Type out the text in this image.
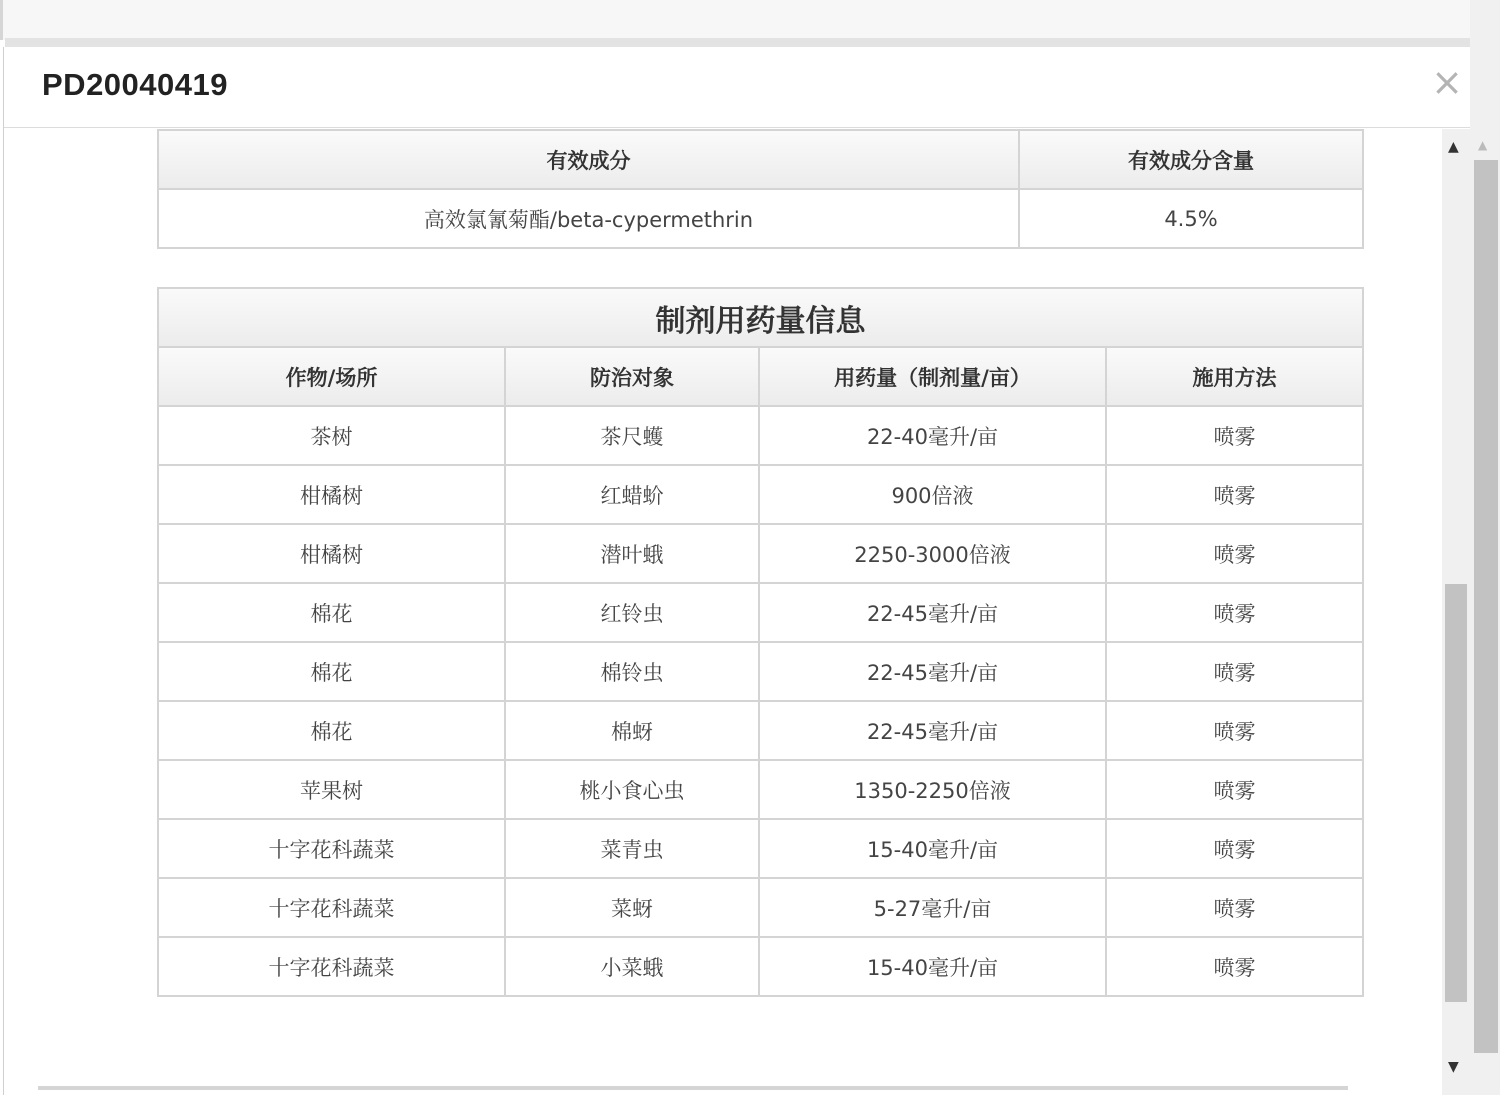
PD20040419	×
有效成分	有效成分含量
高效氯氰菊酯/beta-cypermethrin	4.5%
制剂用药量信息			
作物/场所	防治对象	用药量（制剂量/亩）	施用方法
茶树	茶尺蠖	22-40毫升/亩	喷雾
柑橘树	红蜡蚧	900倍液	喷雾
柑橘树	潜叶蛾	2250-3000倍液	喷雾
棉花	红铃虫	22-45毫升/亩	喷雾
棉花	棉铃虫	22-45毫升/亩	喷雾
棉花	棉蚜	22-45毫升/亩	喷雾
苹果树	桃小食心虫	1350-2250倍液	喷雾
十字花科蔬菜	菜青虫	15-40毫升/亩	喷雾
十字花科蔬菜	菜蚜	5-27毫升/亩	喷雾
十字花科蔬菜	小菜蛾	15-40毫升/亩	喷雾
▲
▼
▲
